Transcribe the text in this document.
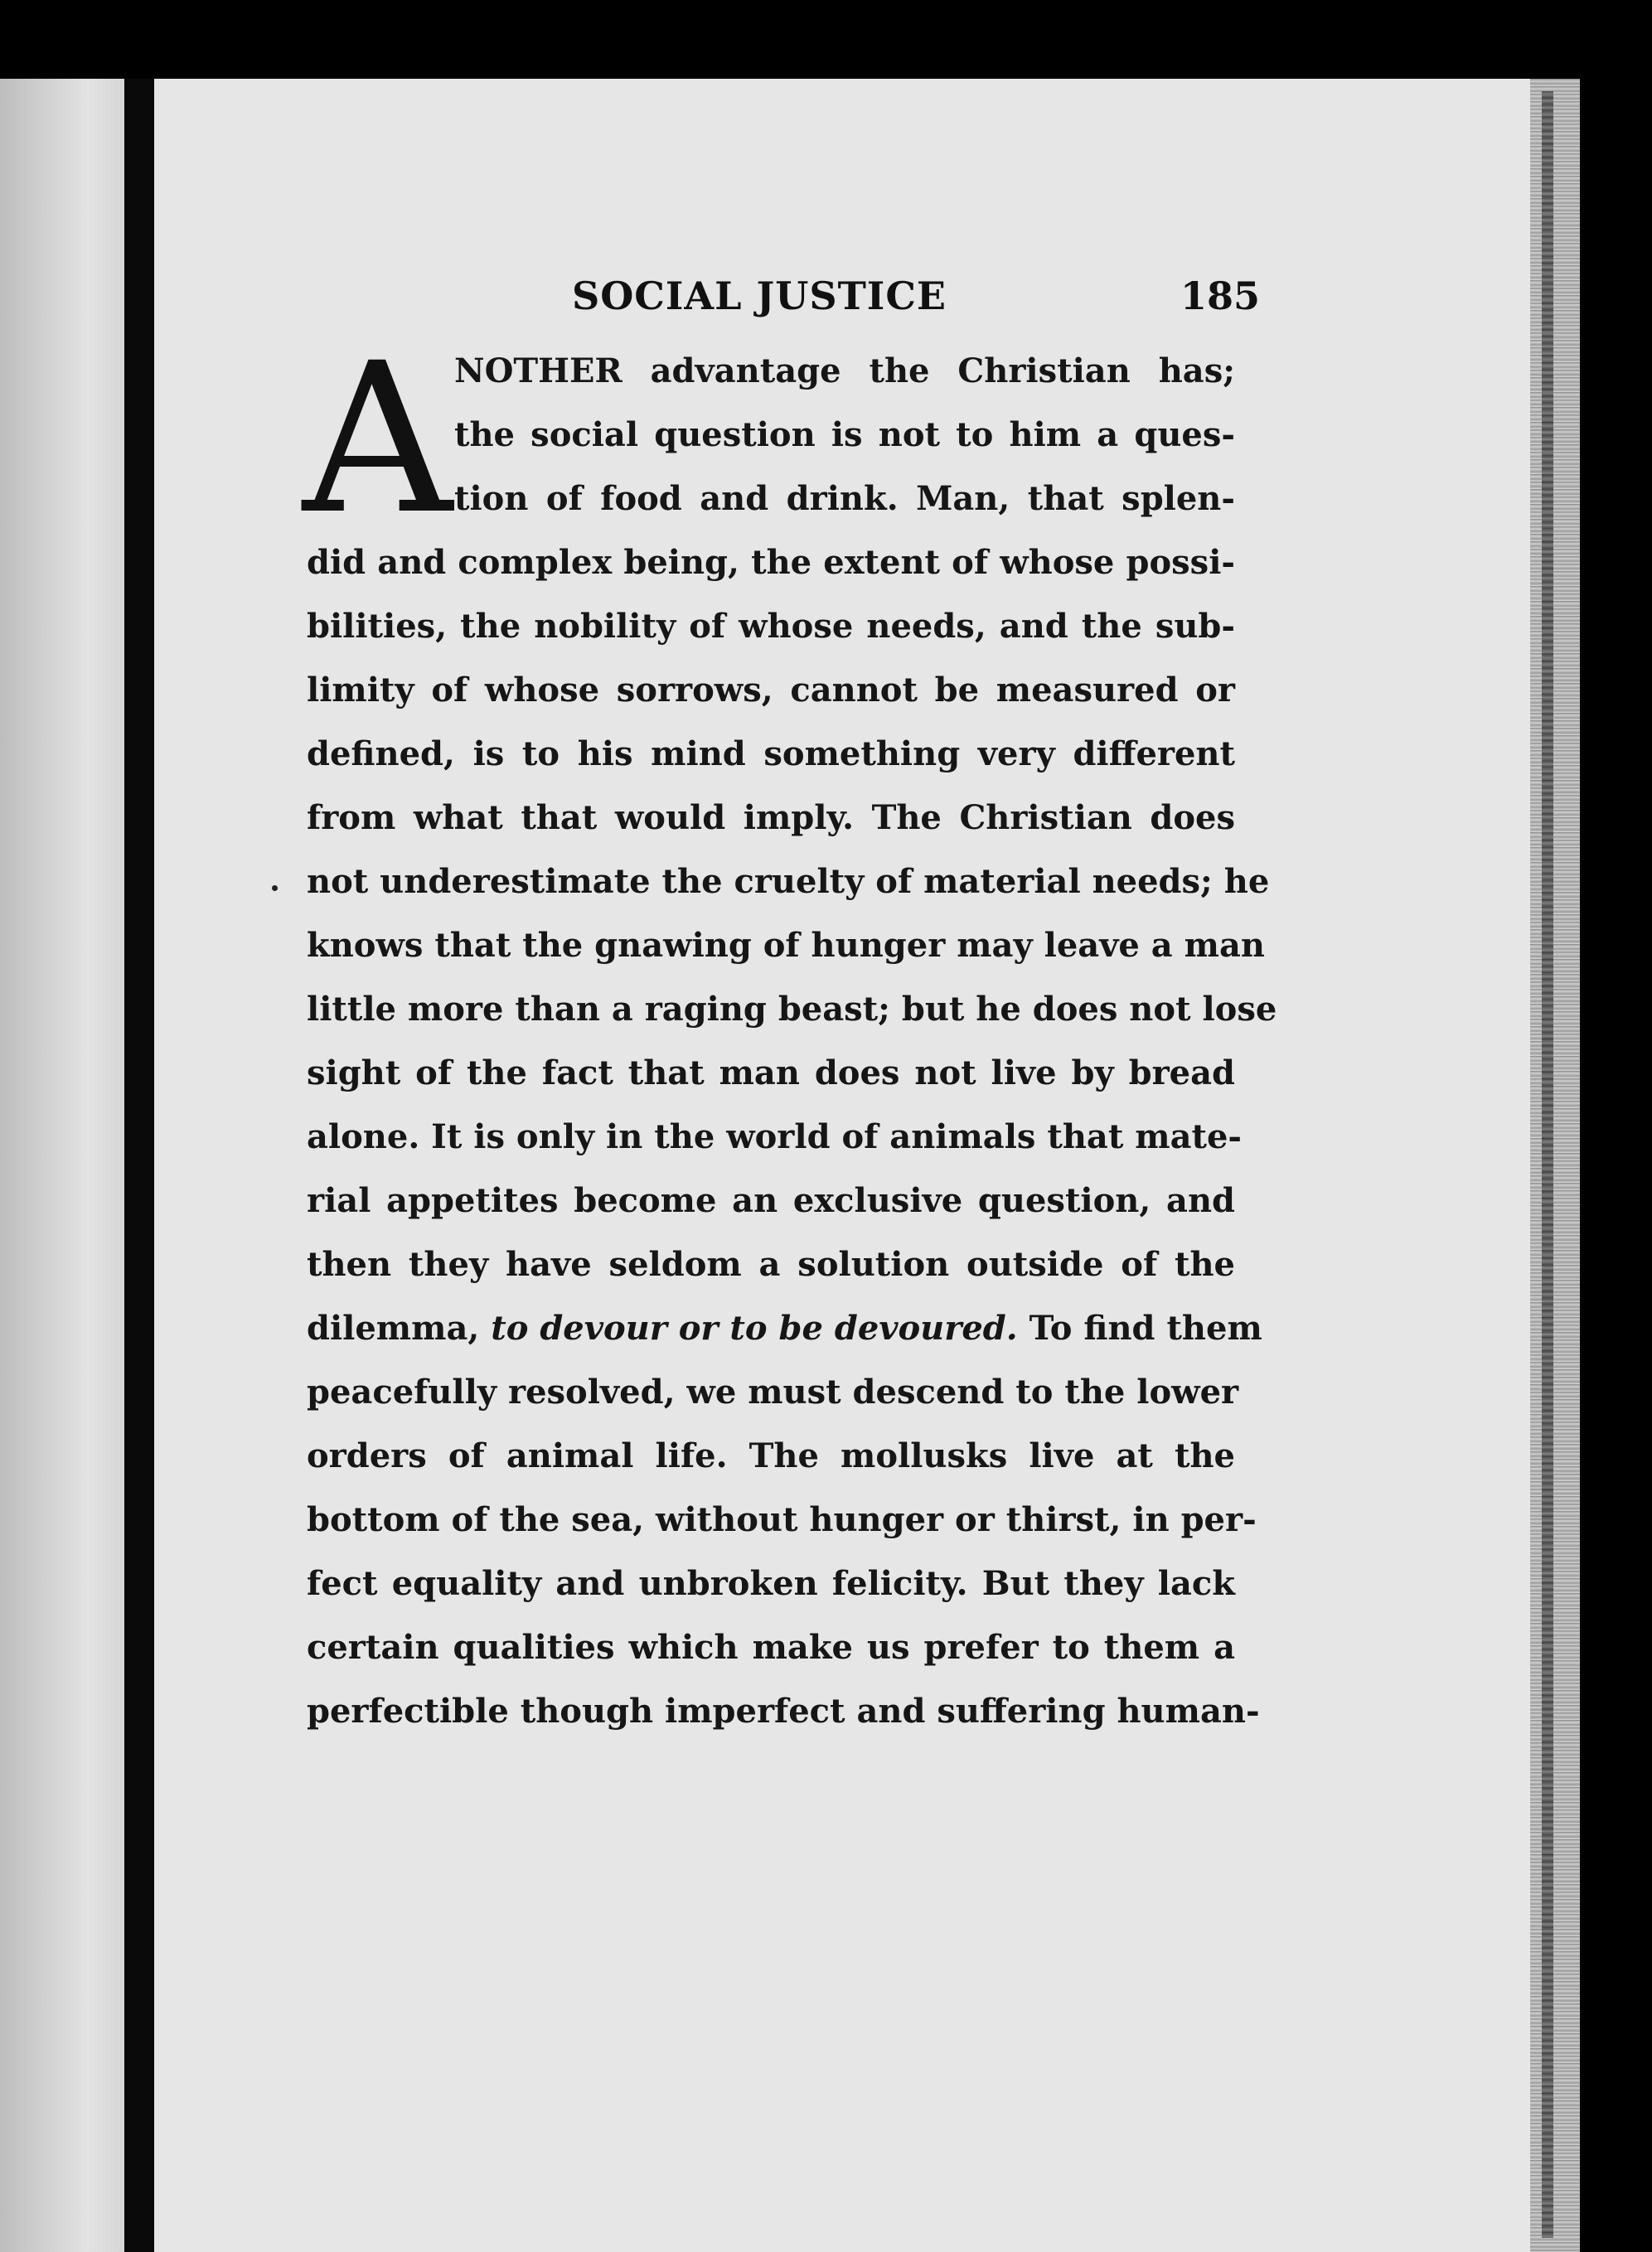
SOCIAL JUSTICE	185
A NOTHER advantage the Christian has;
the social question is not to him a ques-
tion of food and drink. Man, that splen-
did and complex being, the extent of whose possi-
bilities, the nobility of whose needs, and the sub-
limity of whose sorrows, cannot be measured or
defined, is to his mind something very different
from what that would imply. The Christian does
not underestimate the cruelty of material needs; he
knows that the gnawing of hunger may leave a man
little more than a raging beast; but he does not lose
sight of the fact that man does not live by bread
alone. It is only in the world of animals that mate-
rial appetites become an exclusive question, and
then they have seldom a solution outside of the
dilemma, to devour or to be devoured. To find them
peacefully resolved, we must descend to the lower
orders of animal life. The mollusks live at the
bottom of the sea, without hunger or thirst, in per-
fect equality and unbroken felicity. But they lack
certain qualities which make us prefer to them a
perfectible though imperfect and suffering human-
